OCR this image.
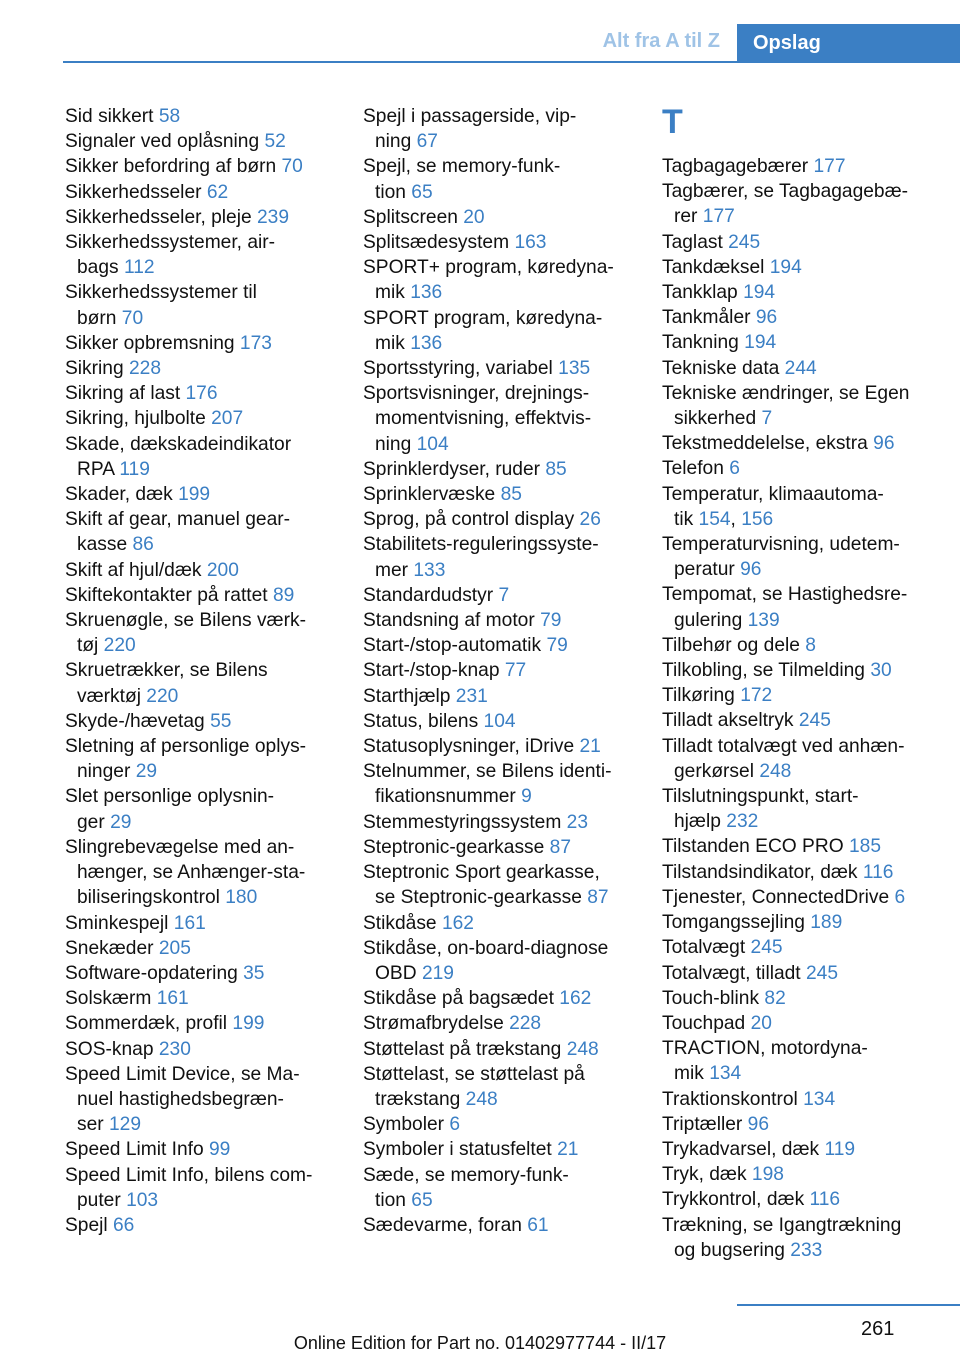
Alt fra A til Z	Opslag
Sid sikkert 58
Signaler ved oplåsning 52
Sikker befordring af børn 70
Sikkerhedsseler 62
Sikkerhedsseler, pleje 239
Sikkerhedssystemer, air-
bags 112
Sikkerhedssystemer til
børn 70
Sikker opbremsning 173
Sikring 228
Sikring af last 176
Sikring, hjulbolte 207
Skade, dækskadeindikator
RPA 119
Skader, dæk 199
Skift af gear, manuel gear-
kasse 86
Skift af hjul/dæk 200
Skiftekontakter på rattet 89
Skruenøgle, se Bilens værk-
tøj 220
Skruetrækker, se Bilens
værktøj 220
Skyde-/hævetag 55
Sletning af personlige oplys-
ninger 29
Slet personlige oplysnin-
ger 29
Slingrebevægelse med an-
hænger, se Anhænger-sta-
biliseringskontrol 180
Sminkespejl 161
Snekæder 205
Software-opdatering 35
Solskærm 161
Sommerdæk, profil 199
SOS-knap 230
Speed Limit Device, se Ma-
nuel hastighedsbegræn-
ser 129
Speed Limit Info 99
Speed Limit Info, bilens com-
puter 103
Spejl 66
Spejl i passagerside, vip-
ning 67
Spejl, se memory-funk-
tion 65
Splitscreen 20
Splitsædesystem 163
SPORT+ program, køredyna-
mik 136
SPORT program, køredyna-
mik 136
Sportsstyring, variabel 135
Sportsvisninger, drejnings-
momentvisning, effektvis-
ning 104
Sprinklerdyser, ruder 85
Sprinklervæske 85
Sprog, på control display 26
Stabilitets-reguleringssyste-
mer 133
Standardudstyr 7
Standsning af motor 79
Start-/stop-automatik 79
Start-/stop-knap 77
Starthjælp 231
Status, bilens 104
Statusoplysninger, iDrive 21
Stelnummer, se Bilens identi-
fikationsnummer 9
Stemmestyringssystem 23
Steptronic-gearkasse 87
Steptronic Sport gearkasse,
se Steptronic-gearkasse 87
Stikdåse 162
Stikdåse, on-board-diagnose
OBD 219
Stikdåse på bagsædet 162
Strømafbrydelse 228
Støttelast på trækstang 248
Støttelast, se støttelast på
trækstang 248
Symboler 6
Symboler i statusfeltet 21
Sæde, se memory-funk-
tion 65
Sædevarme, foran 61
T
Tagbagagebærer 177
Tagbærer, se Tagbagagebæ-
rer 177
Taglast 245
Tankdæksel 194
Tankklap 194
Tankmåler 96
Tankning 194
Tekniske data 244
Tekniske ændringer, se Egen
sikkerhed 7
Tekstmeddelelse, ekstra 96
Telefon 6
Temperatur, klimaautoma-
tik 154, 156
Temperaturvisning, udetem-
peratur 96
Tempomat, se Hastighedsre-
gulering 139
Tilbehør og dele 8
Tilkobling, se Tilmelding 30
Tilkøring 172
Tilladt akseltryk 245
Tilladt totalvægt ved anhæn-
gerkørsel 248
Tilslutningspunkt, start-
hjælp 232
Tilstanden ECO PRO 185
Tilstandsindikator, dæk 116
Tjenester, ConnectedDrive 6
Tomgangssejling 189
Totalvægt 245
Totalvægt, tilladt 245
Touch-blink 82
Touchpad 20
TRACTION, motordyna-
mik 134
Traktionskontrol 134
Triptæller 96
Trykadvarsel, dæk 119
Tryk, dæk 198
Trykkontrol, dæk 116
Trækning, se Igangtrækning
og bugsering 233
261
Online Edition for Part no. 01402977744 - II/17
